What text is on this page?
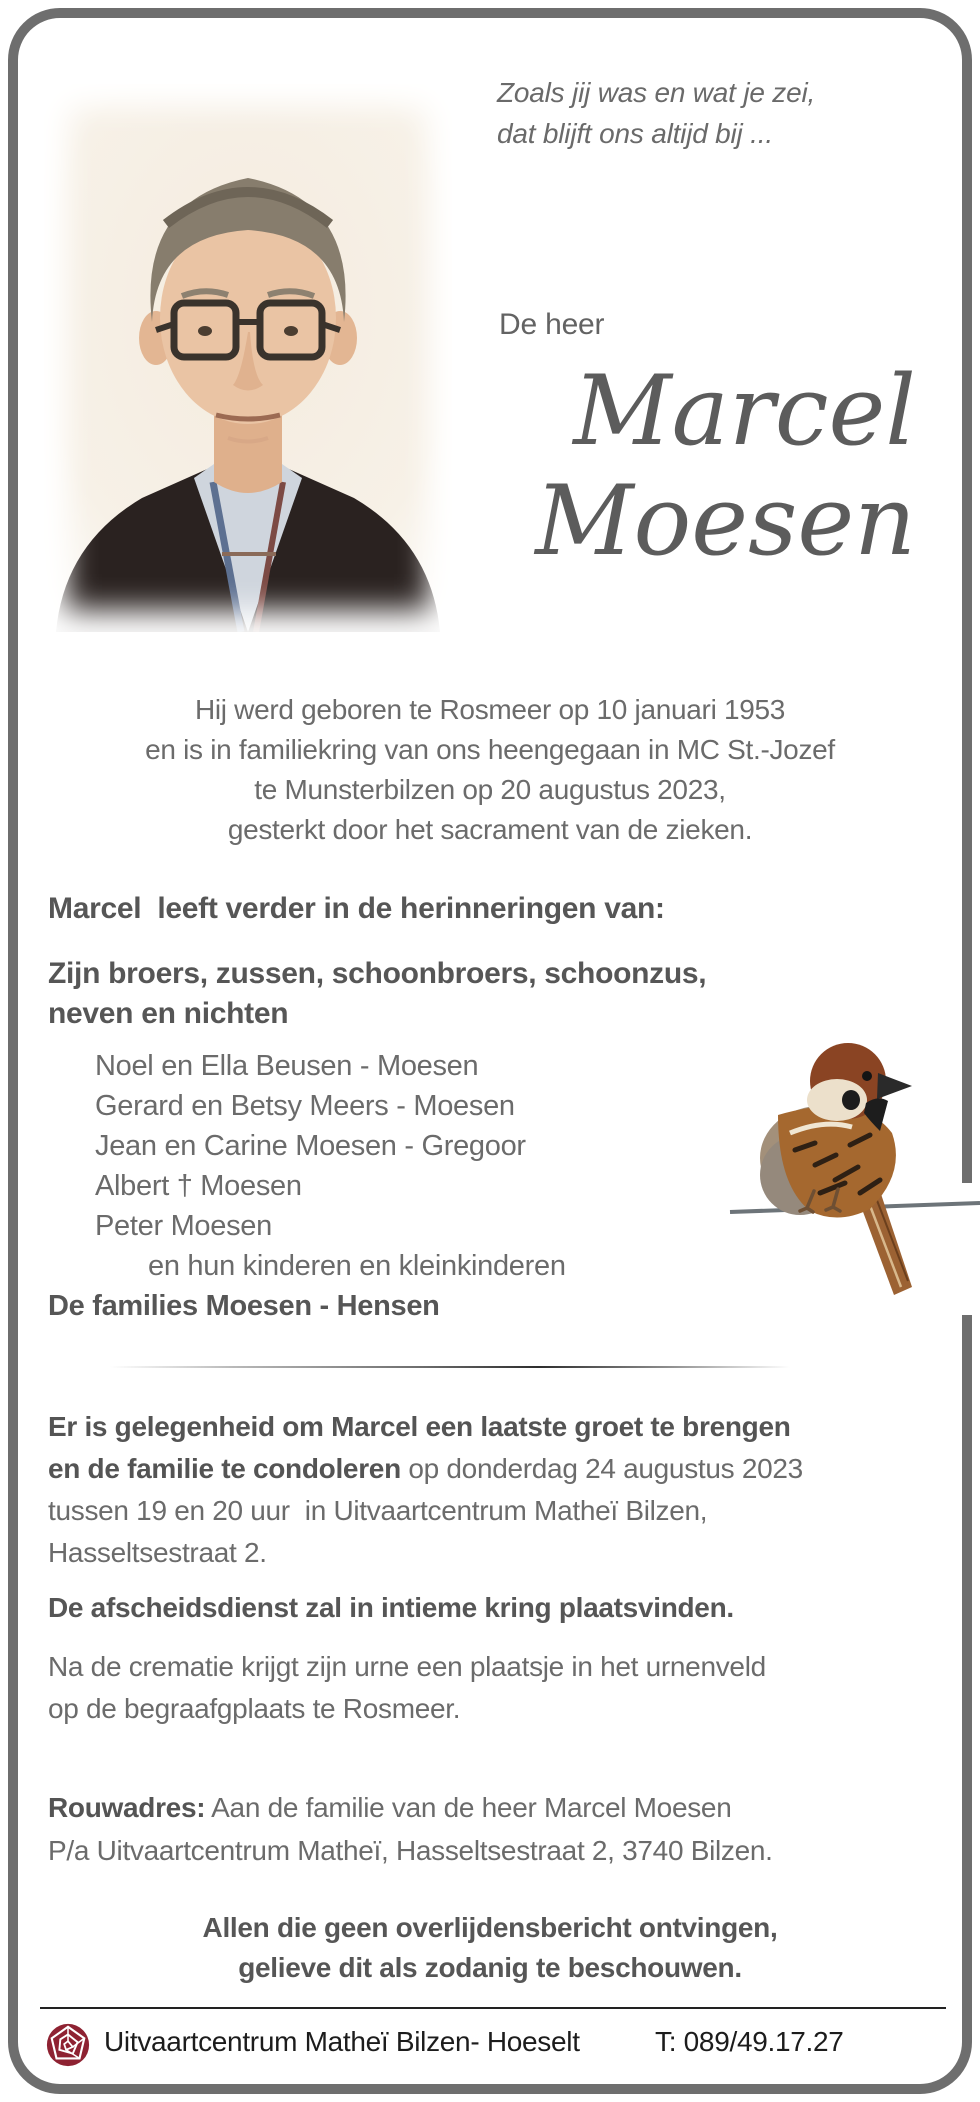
Zoals jij was en wat je zei,
dat blijft ons altijd bij ...
De heer
Marcel
Moesen
Hij werd geboren te Rosmeer op 10 januari 1953
en is in familiekring van ons heengegaan in MC St.-Jozef
te Munsterbilzen op 20 augustus 2023,
gesterkt door het sacrament van de zieken.
Marcel  leeft verder in de herinneringen van:
Zijn broers, zussen, schoonbroers, schoonzus,
neven en nichten
Noel en Ella Beusen - Moesen
Gerard en Betsy Meers - Moesen
Jean en Carine Moesen - Gregoor
Albert † Moesen
Peter Moesen
en hun kinderen en kleinkinderen
De families Moesen - Hensen
Er is gelegenheid om Marcel een laatste groet te brengen
en de familie te condoleren op donderdag 24 augustus 2023
tussen 19 en 20 uur  in Uitvaartcentrum Matheï Bilzen,
Hasseltsestraat 2.
De afscheidsdienst zal in intieme kring plaatsvinden.
Na de crematie krijgt zijn urne een plaatsje in het urnenveld
op de begraafgplaats te Rosmeer.
Rouwadres: Aan de familie van de heer Marcel Moesen
P/a Uitvaartcentrum Matheï, Hasseltsestraat 2, 3740 Bilzen.
Allen die geen overlijdensbericht ontvingen,
gelieve dit als zodanig te beschouwen.
Uitvaartcentrum Matheï Bilzen- Hoeselt	T: 089/49.17.27
